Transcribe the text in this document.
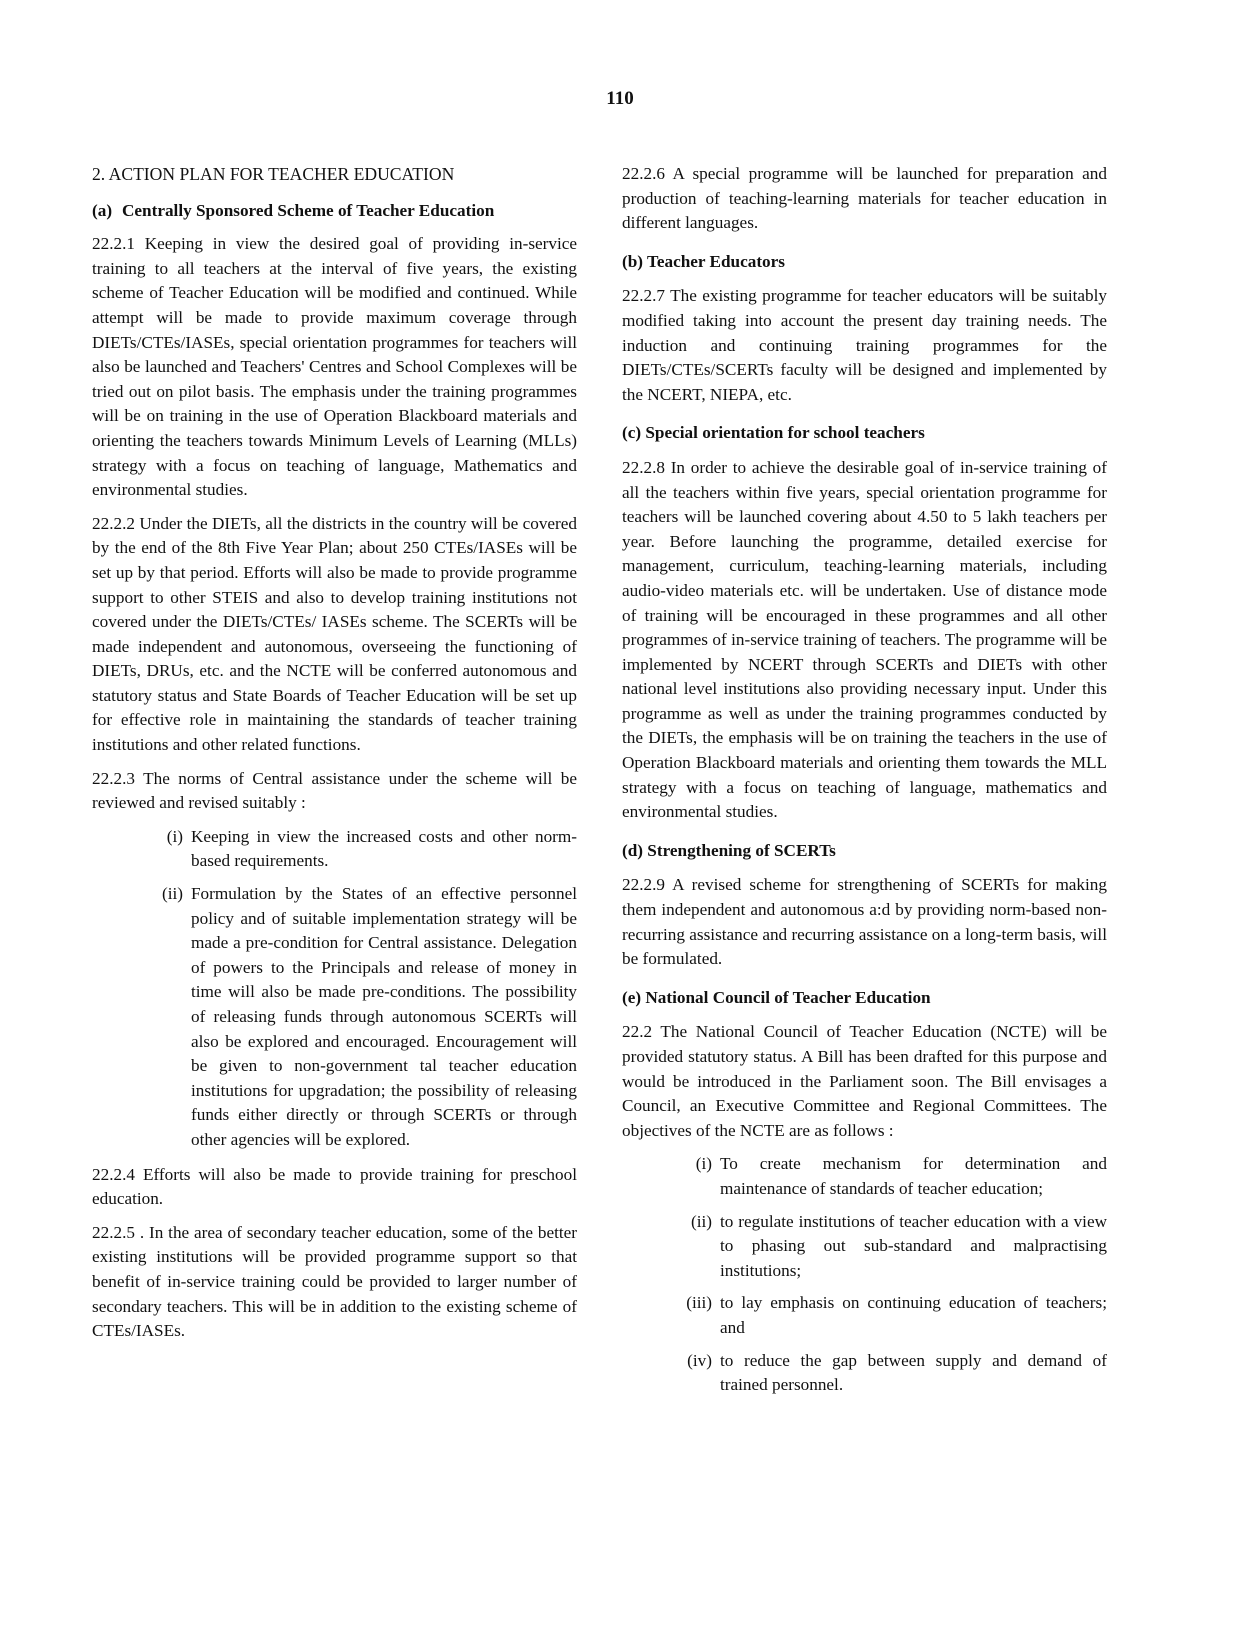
110
2. ACTION PLAN FOR TEACHER EDUCATION
(a) Centrally Sponsored Scheme of Teacher Education

22.2.1 Keeping in view the desired goal of providing in-service training to all teachers at the interval of five years, the existing scheme of Teacher Education will be modified and continued. While attempt will be made to provide maximum coverage through DIETs/CTEs/IASEs, special orientation programmes for teachers will also be launched and Teachers' Centres and School Complexes will be tried out on pilot basis. The emphasis under the training programmes will be on training in the use of Operation Blackboard materials and orienting the teachers towards Minimum Levels of Learning (MLLs) strategy with a focus on teaching of language, Mathematics and environmental studies.

22.2.2 Under the DIETs, all the districts in the country will be covered by the end of the 8th Five Year Plan; about 250 CTEs/IASEs will be set up by that period. Efforts will also be made to provide programme support to other STEIS and also to develop training institutions not covered under the DIETs/CTEs/ IASEs scheme. The SCERTs will be made independent and autonomous, overseeing the functioning of DIETs, DRUs, etc. and the NCTE will be conferred autonomous and statutory status and State Boards of Teacher Education will be set up for effective role in maintaining the standards of teacher training institutions and other related functions.

22.2.3 The norms of Central assistance under the scheme will be reviewed and revised suitably :

(i) Keeping in view the increased costs and other norm-based requirements.
(ii) Formulation by the States of an effective personnel policy and of suitable implementation strategy will be made a pre-condition for Central assistance. Delegation of powers to the Principals and release of money in time will also be made pre-conditions. The possibility of releasing funds through autonomous SCERTs will also be explored and encouraged. Encouragement will be given to non-government tal teacher education institutions for upgradation; the possibility of releasing funds either directly or through SCERTs or through other agencies will be explored.

22.2.4 Efforts will also be made to provide training for preschool education.

22.2.5 . In the area of secondary teacher education, some of the better existing institutions will be provided programme support so that benefit of in-service training could be provided to larger number of secondary teachers. This will be in addition to the existing scheme of CTEs/IASEs.

22.2.6 A special programme will be launched for preparation and production of teaching-learning materials for teacher education in different languages.

(b) Teacher Educators

22.2.7 The existing programme for teacher educators will be suitably modified taking into account the present day training needs. The induction and continuing training programmes for the DIETs/CTEs/SCERTs faculty will be designed and implemented by the NCERT, NIEPA, etc.

(c) Special orientation for school teachers

22.2.8 In order to achieve the desirable goal of in-service training of all the teachers within five years, special orientation programme for teachers will be launched covering about 4.50 to 5 lakh teachers per year. Before launching the programme, detailed exercise for management, curriculum, teaching-learning materials, including audio-video materials etc. will be undertaken. Use of distance mode of training will be encouraged in these programmes and all other programmes of in-service training of teachers. The programme will be implemented by NCERT through SCERTs and DIETs with other national level institutions also providing necessary input. Under this programme as well as under the training programmes conducted by the DIETs, the emphasis will be on training the teachers in the use of Operation Blackboard materials and orienting them towards the MLL strategy with a focus on teaching of language, mathematics and environmental studies.

(d) Strengthening of SCERTs

22.2.9 A revised scheme for strengthening of SCERTs for making them independent and autonomous a:d by providing norm-based non-recurring assistance and recurring assistance on a long-term basis, will be formulated.

(e) National Council of Teacher Education

22.2 The National Council of Teacher Education (NCTE) will be provided statutory status. A Bill has been drafted for this purpose and would be introduced in the Parliament soon. The Bill envisages a Council, an Executive Committee and Regional Committees. The objectives of the NCTE are as follows :

(i) To create mechanism for determination and maintenance of standards of teacher education;
(ii) to regulate institutions of teacher education with a view to phasing out sub-standard and malpractising institutions;
(iii) to lay emphasis on continuing education of teachers; and
(iv) to reduce the gap between supply and demand of trained personnel.
